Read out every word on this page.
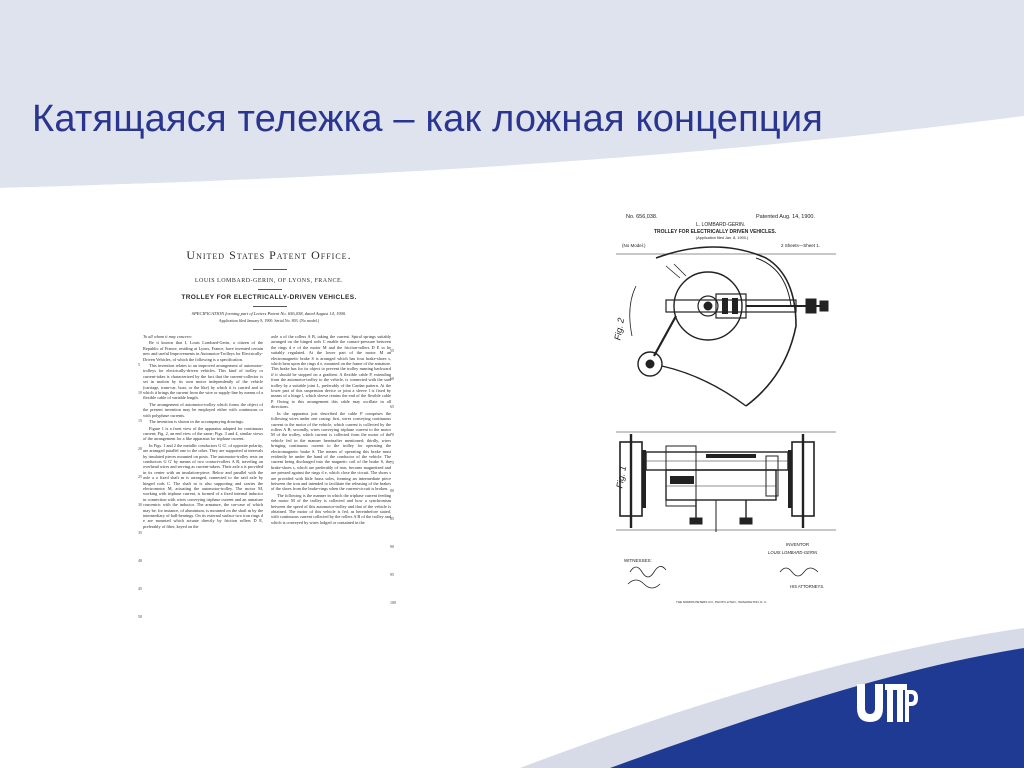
Катящаяся тележка – как ложная концепция
United States Patent Office.
LOUIS LOMBARD-GERIN, OF LYONS, FRANCE.
TROLLEY FOR ELECTRICALLY-DRIVEN VEHICLES.
SPECIFICATION forming part of Letters Patent No. 656,038, dated August 14, 1900.
Application filed January 8, 1900. Serial No. 803. (No model.)

To all whom it may concern:

Be it known that I, Louis Lombard-Gerin, a citizen of the Republic of France, residing at Lyons, France, have invented certain new and useful Improvements in Automotor-Trolleys for Electrically-Driven Vehicles, of which the following is a specification.

This invention relates to an improved arrangement of automotor-trolleys for electrically-driven vehicles. This kind of trolley or current-taker is characterized by the fact that the current-collector is set in motion by its own motor independently of the vehicle (carriage, tram-car, boat, or the like) by which it is carried and to which it brings the current from the wire or supply-line by means of a flexible cable of variable length.

The arrangement of automotor-trolley which forms the object of the present invention may be employed either with continuous or with polyphase currents.

The invention is shown in the accompanying drawings.

Figure 1 is a front view of the apparatus adapted for continuous current; Fig. 2, an end view of the same; Figs. 3 and 4, similar views of the arrangement for a like apparatus for triphase current.

In Figs. 1 and 2 the metallic conductors G G', of opposite polarity, are arranged parallel one to the other. They are supported at intervals by insulated pieces mounted on posts. The automotor-trolley rests on conductors G G' by means of two contact-rollers A B, traveling on overhead wires and serving as current-takers. Their axle a is provided in its center with an insulation-piece. Below and parallel with the axle a a fixed shaft m is arranged, connected to the said axle by hinged rods C. The shaft m is also supporting and carries the electromotor M, actuating the automotor-trolley. The motor M, working with triphase current, is formed of a fixed internal inductor in connection with wires conveying triphase current and an armature concentric with the inductor. The armature, the car-case of which may be, for instance, of aluminium, is mounted on the shaft m by the intermediary of ball-bearings. On its external surface two iron rings d e are mounted which actuate directly by friction rollers D E, preferably of fiber, keyed on the

axle a of the rollers A B, taking the current. Spiral springs suitably arranged on the hinged rods C enable the contact-pressure between the rings d e of the motor M and the friction-rollers D E to be suitably regulated. At the lower part of the motor M an electromagnetic brake S is arranged which has four brake-shoes s, which bear upon the rings d e, mounted on the frame of the armature. This brake has for its object to prevent the trolley running backward if it should be stopped on a gradient. A flexible cable P, extending from the automotor-trolley to the vehicle, is connected with the said trolley by a suitable joint L, preferably of the Cardan pattern. At the lower part of this suspension device or joint a sleeve l is fixed by means of a hinge l, which sleeve retains the end of the flexible cable P. Owing to this arrangement this cable may oscillate in all directions.

In the apparatus just described the cable P comprises the following wires under one casing: first, wires conveying continuous current to the motor of the vehicle, which current is collected by the rollers A B; secondly, wires conveying triphase current to the motor M of the trolley, which current is collected from the motor of the vehicle fed in the manner hereinafter mentioned; thirdly, wires bringing continuous current to the trolley for operating the electromagnetic brake S. The means of operating this brake must evidently be under the hand of the conductor of the vehicle. The current being discharged into the magnetic coil of the brake S, the brake-shoes s, which are preferably of iron, become magnetized and are pressed against the rings d e, which close the circuit. The shoes s are provided with little brass soles, forming an intermediate piece between the iron and intended to facilitate the releasing of the brakes of the shoes from the brake-rings when the current-circuit is broken.

The following is the manner in which the triphase current feeding the motor M of the trolley is collected and how a synchronism between the speed of this automotor-trolley and that of the vehicle is obtained. The motor of this vehicle is fed, as hereinbefore stated, with continuous current collected by the rollers A B of the trolley and which is conveyed by wires lodged or contained in the

5
10
15
20
25
30
35
40
45
50
55
60
65
70
75
80
85
90
95
100
No. 656,038.	Patented Aug. 14, 1900.
L. LOMBARD-GERIN.
TROLLEY FOR ELECTRICALLY DRIVEN VEHICLES.
(Application filed Jan. 8, 1900.)
(No Model.)	2 Sheets—Sheet 1.
Fig. 2
Fig. 1
WITNESSES:
INVENTOR
LOUIS LOMBARD-GERIN
HIS ATTORNEYS.
THE NORRIS PETERS CO., PHOTO-LITHO., WASHINGTON, D. C.
